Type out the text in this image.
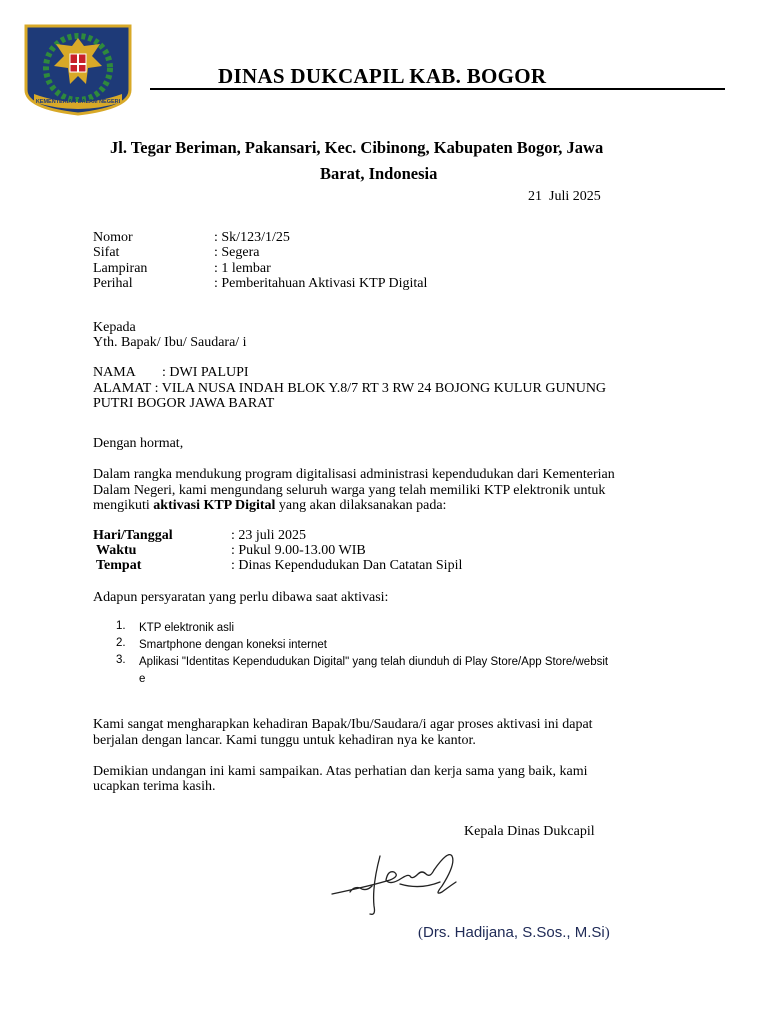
KEMENTERIAN DALAM NEGERI
DINAS DUKCAPIL KAB. BOGOR
Jl. Tegar Beriman, Pakansari, Kec. Cibinong, Kabupaten Bogor, Jawa
Barat, Indonesia
21  Juli 2025
Nomor	: Sk/123/1/25
Sifat	: Segera
Lampiran	: 1 lembar
Perihal	: Pemberitahuan Aktivasi KTP Digital
Kepada
Yth. Bapak/ Ibu/ Saudara/ i
NAMA : DWI PALUPI
ALAMAT : VILA NUSA INDAH BLOK Y.8/7 RT 3 RW 24 BOJONG KULUR GUNUNG
PUTRI BOGOR JAWA BARAT
Dengan hormat,
Dalam rangka mendukung program digitalisasi administrasi kependudukan dari Kementerian
Dalam Negeri, kami mengundang seluruh warga yang telah memiliki KTP elektronik untuk
mengikuti aktivasi KTP Digital yang akan dilaksanakan pada:
Hari/Tanggal	: 23 juli 2025
Waktu	: Pukul 9.00-13.00 WIB
Tempat	: Dinas Kependudukan Dan Catatan Sipil
Adapun persyaratan yang perlu dibawa saat aktivasi:
1. KTP elektronik asli
2. Smartphone dengan koneksi internet
3. Aplikasi "Identitas Kependudukan Digital" yang telah diunduh di Play Store/App Store/websit
e
Kami sangat mengharapkan kehadiran Bapak/Ibu/Saudara/i agar proses aktivasi ini dapat
berjalan dengan lancar. Kami tunggu untuk kehadiran nya ke kantor.
Demikian undangan ini kami sampaikan. Atas perhatian dan kerja sama yang baik, kami
ucapkan terima kasih.
Kepala Dinas Dukcapil
(Drs. Hadijana, S.Sos., M.Si)
